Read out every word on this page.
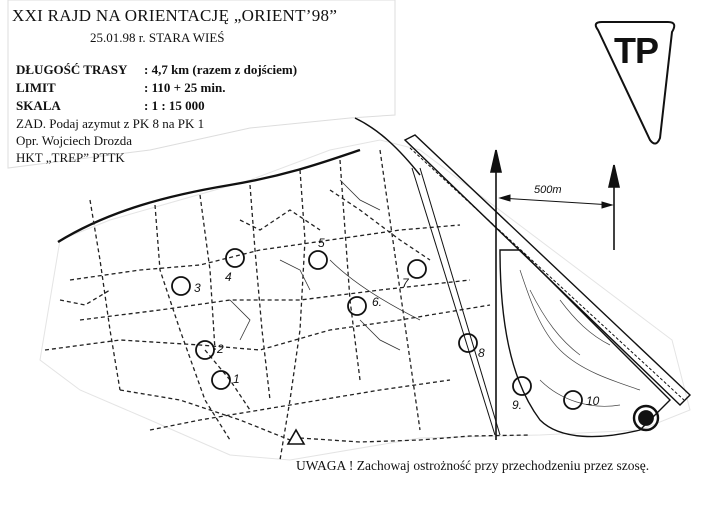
XXI RAJD NA ORIENTACJĘ „ORIENT’98”
25.01.98 r. STARA WIEŚ
DŁUGOŚĆ TRASY : 4,7 km (razem z dojściem)
LIMIT	: 110 + 25 min.
SKALA	: 1 : 15 000
ZAD. Podaj azymut z PK 8 na PK 1
Opr. Wojciech Drozda
HKT „TREP” PTTK
TP
500m
UWAGA ! Zachowaj ostrożność przy przechodzeniu przez szosę.
1
2
3
4
5
6.
7
8
9.	10
